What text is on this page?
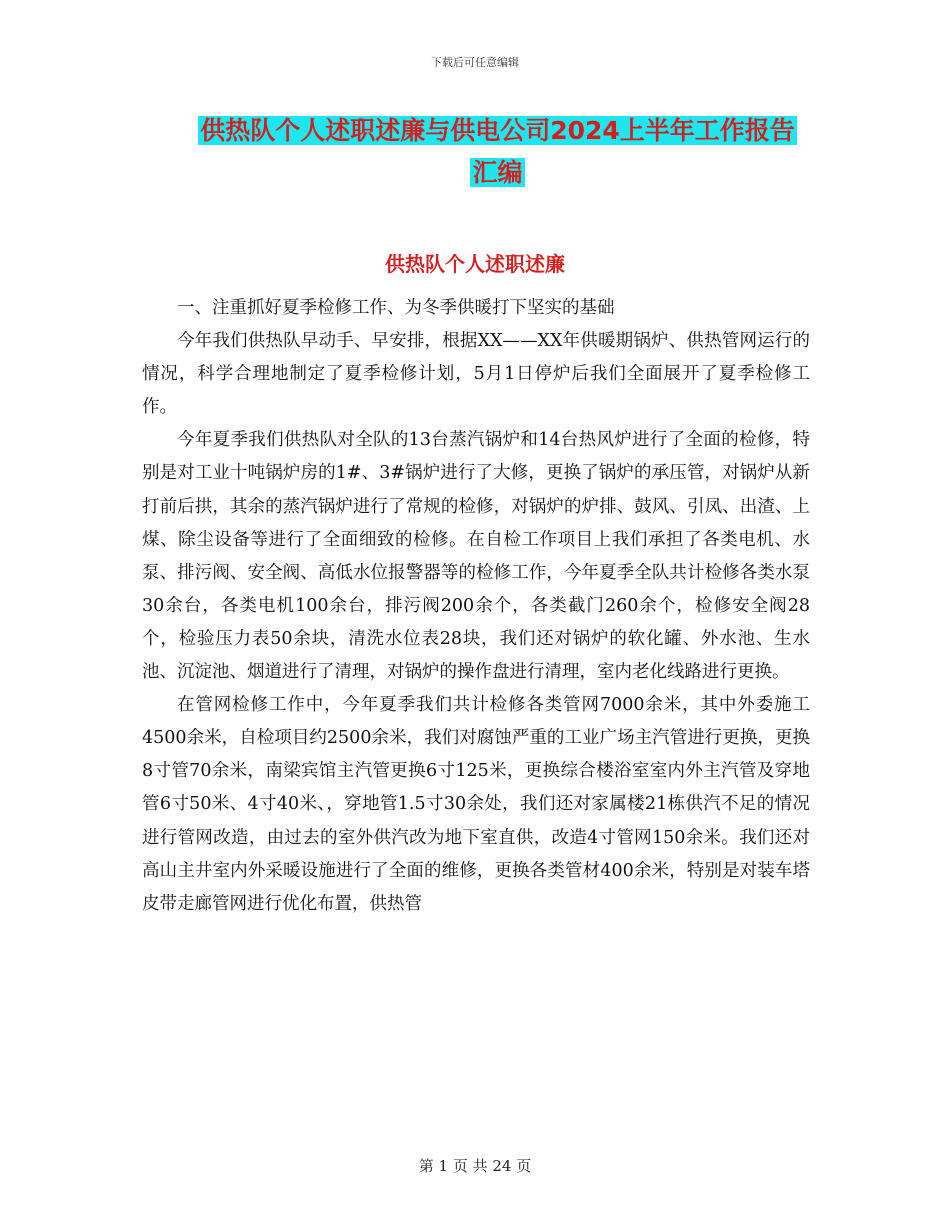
下载后可任意编辑
供热队个人述职述廉与供电公司2024上半年工作报告
汇编
供热队个人述职述廉

一、注重抓好夏季检修工作、为冬季供暖打下坚实的基础

今年我们供热队早动手、早安排，根据XX——XX年供暖期锅炉、供热管网运行的情况，科学合理地制定了夏季检修计划，5月1日停炉后我们全面展开了夏季检修工作。

今年夏季我们供热队对全队的13台蒸汽锅炉和14台热风炉进行了全面的检修，特别是对工业十吨锅炉房的1#、3#锅炉进行了大修，更换了锅炉的承压管，对锅炉从新打前后拱，其余的蒸汽锅炉进行了常规的检修，对锅炉的炉排、鼓风、引凤、出渣、上煤、除尘设备等进行了全面细致的检修。在自检工作项目上我们承担了各类电机、水泵、排污阀、安全阀、高低水位报警器等的检修工作，今年夏季全队共计检修各类水泵30余台，各类电机100余台，排污阀200余个，各类截门260余个，检修安全阀28个，检验压力表50余块，清洗水位表28块，我们还对锅炉的软化罐、外水池、生水池、沉淀池、烟道进行了清理，对锅炉的操作盘进行清理，室内老化线路进行更换。

在管网检修工作中，今年夏季我们共计检修各类管网7000余米，其中外委施工4500余米，自检项目约2500余米，我们对腐蚀严重的工业广场主汽管进行更换，更换8寸管70余米，南梁宾馆主汽管更换6寸125米，更换综合楼浴室室内外主汽管及穿地管6寸50米、4寸40米、，穿地管1.5寸30余处，我们还对家属楼21栋供汽不足的情况进行管网改造，由过去的室外供汽改为地下室直供，改造4寸管网150余米。我们还对高山主井室内外采暖设施进行了全面的维修，更换各类管材400余米，特别是对装车塔皮带走廊管网进行优化布置，供热管

第 1 页 共 24 页
